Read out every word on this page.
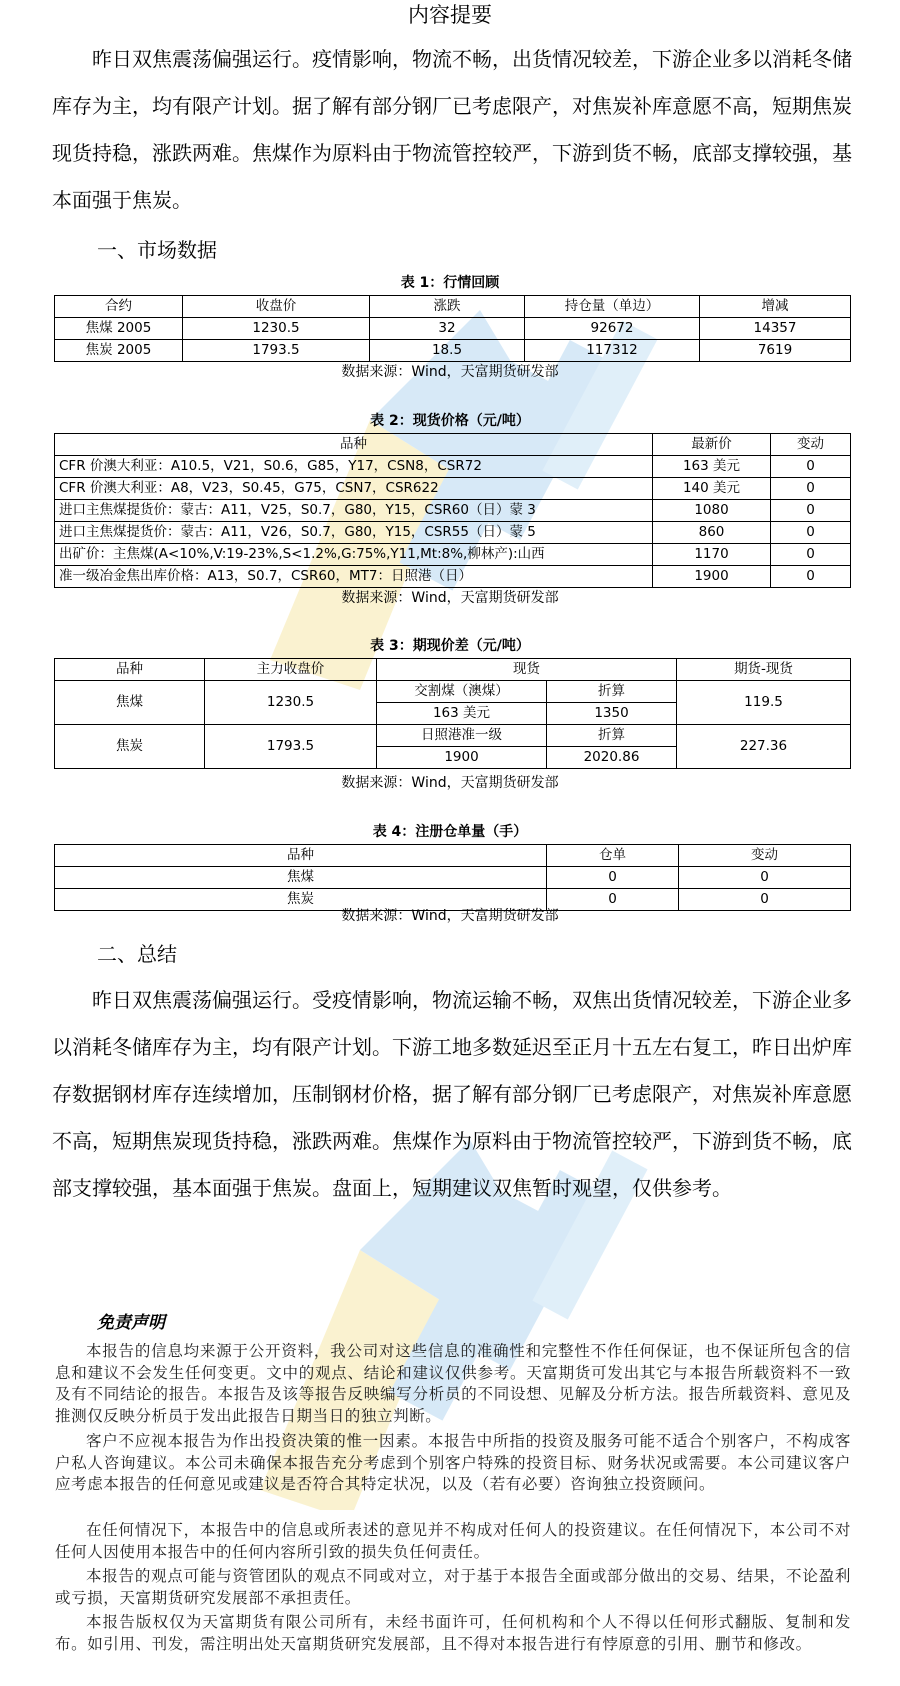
内容提要

昨日双焦震荡偏强运行。疫情影响，物流不畅，出货情况较差，下游企业多以消耗冬储库存为主，均有限产计划。据了解有部分钢厂已考虑限产，对焦炭补库意愿不高，短期焦炭现货持稳，涨跌两难。焦煤作为原料由于物流管控较严，下游到货不畅，底部支撑较强，基本面强于焦炭。

一、市场数据
表 1：行情回顾
合约	收盘价	涨跌	持仓量（单边）	增减
焦煤 2005	1230.5	32	92672	14357
焦炭 2005	1793.5	18.5	117312	7619
数据来源：Wind，天富期货研发部
表 2：现货价格（元/吨）
品种	最新价	变动
CFR 价澳大利亚：A10.5，V21，S0.6，G85，Y17，CSN8，CSR72	163 美元	0
CFR 价澳大利亚：A8，V23，S0.45，G75，CSN7，CSR622	140 美元	0
进口主焦煤提货价：蒙古：A11，V25，S0.7，G80，Y15，CSR60（日）蒙 3	1080	0
进口主焦煤提货价：蒙古：A11，V26，S0.7，G80，Y15，CSR55（日）蒙 5	860	0
出矿价：主焦煤(A<10%,V:19-23%,S<1.2%,G:75%,Y11,Mt:8%,柳林产):山西	1170	0
准一级冶金焦出库价格：A13，S0.7，CSR60，MT7：日照港（日）	1900	0
数据来源：Wind，天富期货研发部
表 3：期现价差（元/吨）
品种	主力收盘价	现货		期货-现货
焦煤	1230.5	交割煤（澳煤）	折算	119.5
		163 美元	1350	
焦炭	1793.5	日照港准一级	折算	227.36
		1900	2020.86	
数据来源：Wind，天富期货研发部
表 4：注册仓单量（手）
品种	仓单	变动
焦煤	0	0
焦炭	0	0
数据来源：Wind，天富期货研发部
二、总结

昨日双焦震荡偏强运行。受疫情影响，物流运输不畅，双焦出货情况较差，下游企业多以消耗冬储库存为主，均有限产计划。下游工地多数延迟至正月十五左右复工，昨日出炉库存数据钢材库存连续增加，压制钢材价格，据了解有部分钢厂已考虑限产，对焦炭补库意愿不高，短期焦炭现货持稳，涨跌两难。焦煤作为原料由于物流管控较严，下游到货不畅，底部支撑较强，基本面强于焦炭。盘面上，短期建议双焦暂时观望，仅供参考。

免责声明

本报告的信息均来源于公开资料，我公司对这些信息的准确性和完整性不作任何保证，也不保证所包含的信息和建议不会发生任何变更。文中的观点、结论和建议仅供参考。天富期货可发出其它与本报告所载资料不一致及有不同结论的报告。本报告及该等报告反映编写分析员的不同设想、见解及分析方法。报告所载资料、意见及推测仅反映分析员于发出此报告日期当日的独立判断。

客户不应视本报告为作出投资决策的惟一因素。本报告中所指的投资及服务可能不适合个别客户，不构成客户私人咨询建议。本公司未确保本报告充分考虑到个别客户特殊的投资目标、财务状况或需要。本公司建议客户应考虑本报告的任何意见或建议是否符合其特定状况，以及（若有必要）咨询独立投资顾问。

在任何情况下，本报告中的信息或所表述的意见并不构成对任何人的投资建议。在任何情况下，本公司不对任何人因使用本报告中的任何内容所引致的损失负任何责任。

本报告的观点可能与资管团队的观点不同或对立，对于基于本报告全面或部分做出的交易、结果，不论盈利或亏损，天富期货研究发展部不承担责任。

本报告版权仅为天富期货有限公司所有，未经书面许可，任何机构和个人不得以任何形式翻版、复制和发布。如引用、刊发，需注明出处天富期货研究发展部，且不得对本报告进行有悖原意的引用、删节和修改。
